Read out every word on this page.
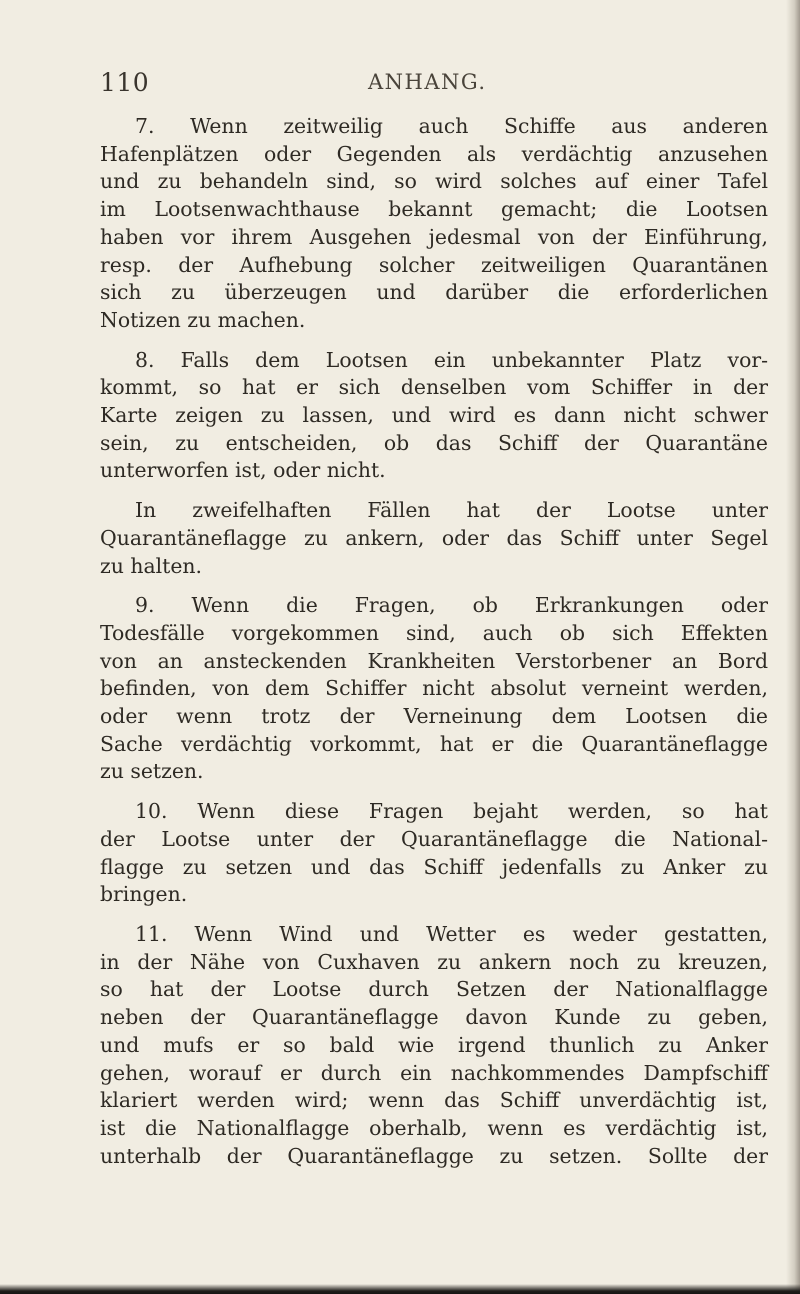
110	ANHANG.
7. Wenn zeitweilig auch Schiffe aus anderen
Hafenplätzen oder Gegenden als verdächtig anzusehen
und zu behandeln sind, so wird solches auf einer Tafel
im Lootsenwachthause bekannt gemacht; die Lootsen
haben vor ihrem Ausgehen jedesmal von der Einführung,
resp. der Aufhebung solcher zeitweiligen Quarantänen
sich zu überzeugen und darüber die erforderlichen
Notizen zu machen.
8. Falls dem Lootsen ein unbekannter Platz vor-
kommt, so hat er sich denselben vom Schiffer in der
Karte zeigen zu lassen, und wird es dann nicht schwer
sein, zu entscheiden, ob das Schiff der Quarantäne
unterworfen ist, oder nicht.
In zweifelhaften Fällen hat der Lootse unter
Quarantäneflagge zu ankern, oder das Schiff unter Segel
zu halten.
9. Wenn die Fragen, ob Erkrankungen oder
Todesfälle vorgekommen sind, auch ob sich Effekten
von an ansteckenden Krankheiten Verstorbener an Bord
befinden, von dem Schiffer nicht absolut verneint werden,
oder wenn trotz der Verneinung dem Lootsen die
Sache verdächtig vorkommt, hat er die Quarantäneflagge
zu setzen.
10. Wenn diese Fragen bejaht werden, so hat
der Lootse unter der Quarantäneflagge die National-
flagge zu setzen und das Schiff jedenfalls zu Anker zu
bringen.
11. Wenn Wind und Wetter es weder gestatten,
in der Nähe von Cuxhaven zu ankern noch zu kreuzen,
so hat der Lootse durch Setzen der Nationalflagge
neben der Quarantäneflagge davon Kunde zu geben,
und mufs er so bald wie irgend thunlich zu Anker
gehen, worauf er durch ein nachkommendes Dampfschiff
klariert werden wird; wenn das Schiff unverdächtig ist,
ist die Nationalflagge oberhalb, wenn es verdächtig ist,
unterhalb der Quarantäneflagge zu setzen. Sollte der
